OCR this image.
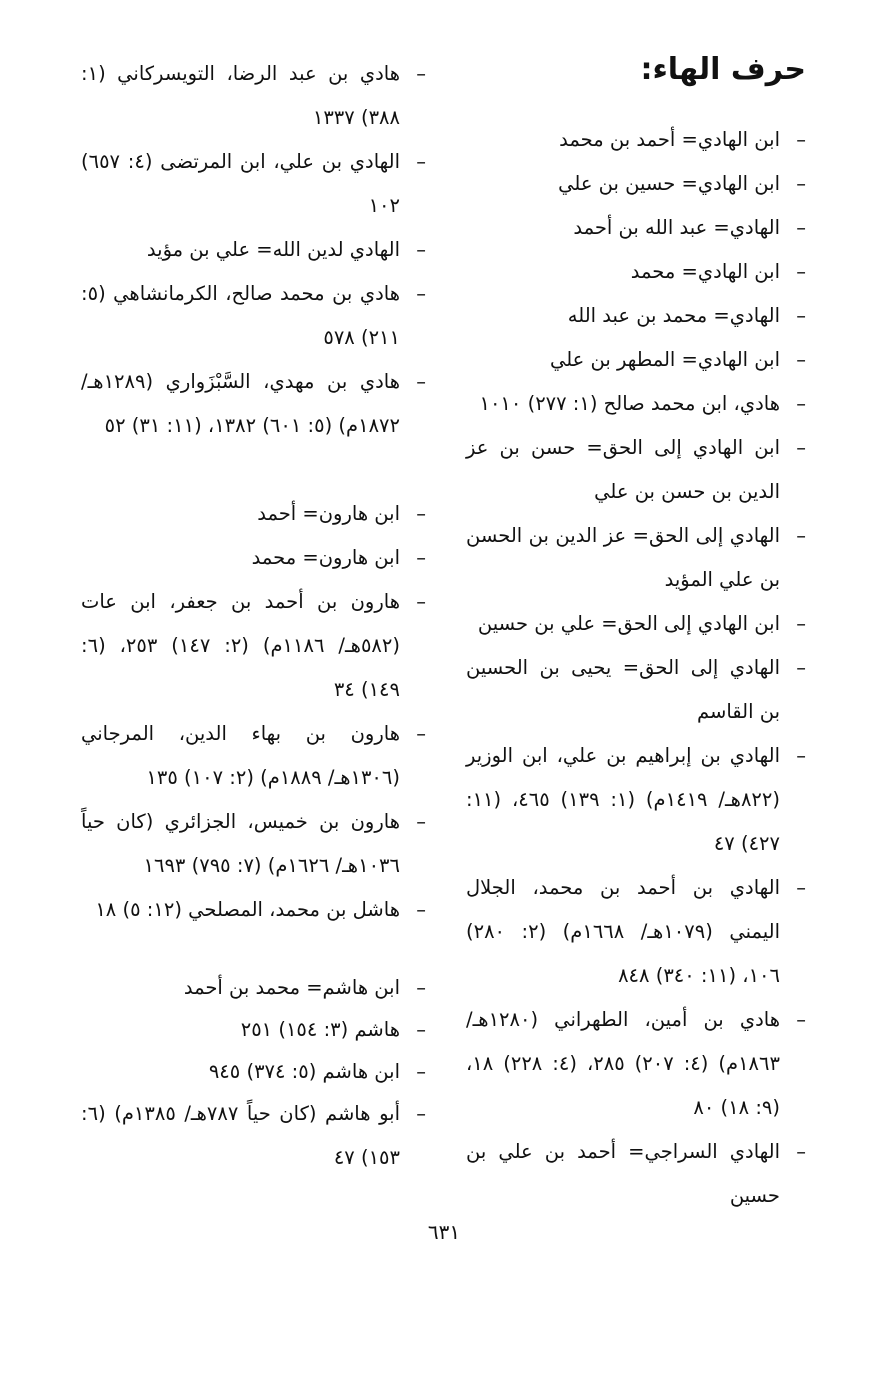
حرف الهاء:
–
ابن الهادي= أحمد بن محمد
–
ابن الهادي= حسين بن علي
–
الهادي= عبد الله بن أحمد
–
ابن الهادي= محمد
–
الهادي= محمد بن عبد الله
–
ابن الهادي= المطهر بن علي
–
هادي، ابن محمد صالح (١: ٢٧٧) ١٠١٠
–
ابن الهادي إلى الحق= حسن بن عز الدين بن حسن بن علي
–
الهادي إلى الحق= عز الدين بن الحسن بن علي المؤيد
–
ابن الهادي إلى الحق= علي بن حسين
–
الهادي إلى الحق= يحيى بن الحسين بن القاسم
–
الهادي بن إبراهيم بن علي، ابن الوزير (٨٢٢هـ/ ١٤١٩م) (١: ١٣٩) ٤٦٥، (١١: ٤٢٧) ٤٧
–
الهادي بن أحمد بن محمد، الجلال اليمني (١٠٧٩هـ/ ١٦٦٨م) (٢: ٢٨٠) ١٠٦، (١١: ٣٤٠) ٨٤٨
–
هادي بن أمين، الطهراني (١٢٨٠هـ/ ١٨٦٣م) (٤: ٢٠٧) ٢٨٥، (٤: ٢٢٨) ١٨، (٩: ١٨) ٨٠
–
الهادي السراجي= أحمد بن علي بن حسين
–
هادي بن عبد الرضا، التويسركاني (١: ٣٨٨) ١٣٣٧
–
الهادي بن علي، ابن المرتضى (٤: ٦٥٧) ١٠٢
–
الهادي لدين الله= علي بن مؤيد
–
هادي بن محمد صالح، الكرمانشاهي (٥: ٢١١) ٥٧٨
–
هادي بن مهدي، السَّبْزَواري (١٢٨٩هـ/ ١٨٧٢م) (٥: ٦٠١) ١٣٨٢، (١١: ٣١) ٥٢
–
ابن هارون= أحمد
–
ابن هارون= محمد
–
هارون بن أحمد بن جعفر، ابن عات (٥٨٢هـ/ ١١٨٦م) (٢: ١٤٧) ٢٥٣، (٦: ١٤٩) ٣٤
–
هارون بن بهاء الدين، المرجاني (١٣٠٦هـ/ ١٨٨٩م) (٢: ١٠٧) ١٣٥
–
هارون بن خميس، الجزائري (كان حياً ١٠٣٦هـ/ ١٦٢٦م) (٧: ٧٩٥) ١٦٩٣
–
هاشل بن محمد، المصلحي (١٢: ٥) ١٨
–
ابن هاشم= محمد بن أحمد
–
هاشم (٣: ١٥٤) ٢٥١
–
ابن هاشم (٥: ٣٧٤) ٩٤٥
–
أبو هاشم (كان حياً ٧٨٧هـ/ ١٣٨٥م) (٦: ١٥٣) ٤٧
٦٣١
